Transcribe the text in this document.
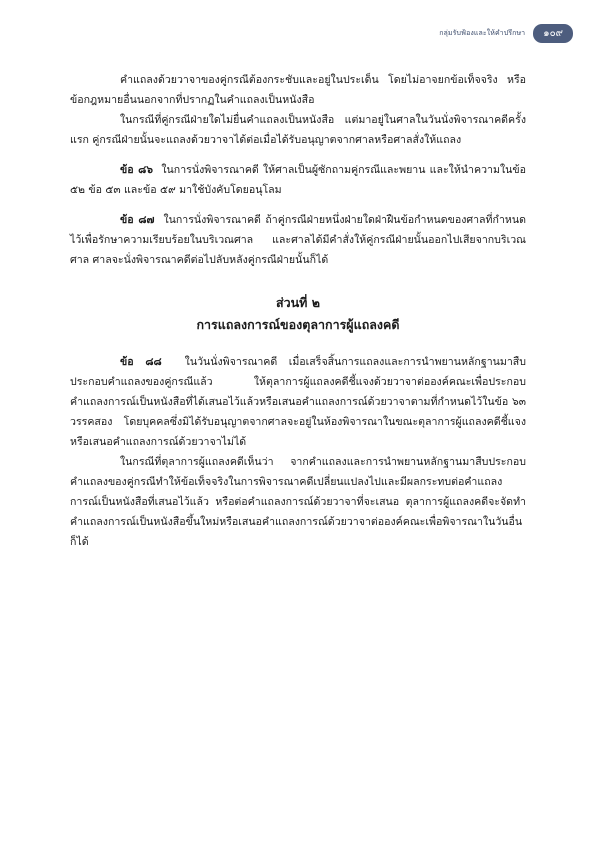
กลุ่มรับฟ้องและให้คำปรึกษา	๑๐๙

คำแถลงด้วยวาจาของคู่กรณีต้องกระชับและอยู่ในประเด็น โดยไม่อาจยกข้อเท็จจริง หรือข้อกฎหมายอื่นนอกจากที่ปรากฏในคำแถลงเป็นหนังสือ

ในกรณีที่คู่กรณีฝ่ายใดไม่ยื่นคำแถลงเป็นหนังสือ แต่มาอยู่ในศาลในวันนั่งพิจารณาคดีครั้งแรก คู่กรณีฝ่ายนั้นจะแถลงด้วยวาจาได้ต่อเมื่อได้รับอนุญาตจากศาลหรือศาลสั่งให้แถลง

ข้อ ๘๖ ในการนั่งพิจารณาคดี ให้ศาลเป็นผู้ซักถามคู่กรณีและพยาน และให้นำความในข้อ ๕๒ ข้อ ๕๓ และข้อ ๕๙ มาใช้บังคับโดยอนุโลม

ข้อ ๘๗ ในการนั่งพิจารณาคดี ถ้าคู่กรณีฝ่ายหนึ่งฝ่ายใดฝ่าฝืนข้อกำหนดของศาลที่กำหนดไว้เพื่อรักษาความเรียบร้อยในบริเวณศาล และศาลได้มีคำสั่งให้คู่กรณีฝ่ายนั้นออกไปเสียจากบริเวณศาล ศาลจะนั่งพิจารณาคดีต่อไปลับหลังคู่กรณีฝ่ายนั้นก็ได้

ส่วนที่ ๒

การแถลงการณ์ของตุลาการผู้แถลงคดี

ข้อ ๘๘ ในวันนั่งพิจารณาคดี เมื่อเสร็จสิ้นการแถลงและการนำพยานหลักฐานมาสืบประกอบคำแถลงของคู่กรณีแล้ว ให้ตุลาการผู้แถลงคดีชี้แจงด้วยวาจาต่อองค์คณะเพื่อประกอบคำแถลงการณ์เป็นหนังสือที่ได้เสนอไว้แล้วหรือเสนอคำแถลงการณ์ด้วยวาจาตามที่กำหนดไว้ในข้อ ๖๓ วรรคสอง โดยบุคคลซึ่งมิได้รับอนุญาตจากศาลจะอยู่ในห้องพิจารณาในขณะตุลาการผู้แถลงคดีชี้แจง หรือเสนอคำแถลงการณ์ด้วยวาจาไม่ได้

ในกรณีที่ตุลาการผู้แถลงคดีเห็นว่า จากคำแถลงและการนำพยานหลักฐานมาสืบประกอบคำแถลงของคู่กรณีทำให้ข้อเท็จจริงในการพิจารณาคดีเปลี่ยนแปลงไปและมีผลกระทบต่อคำแถลงการณ์เป็นหนังสือที่เสนอไว้แล้ว หรือต่อคำแถลงการณ์ด้วยวาจาที่จะเสนอ ตุลาการผู้แถลงคดีจะจัดทำคำแถลงการณ์เป็นหนังสือขึ้นใหม่หรือเสนอคำแถลงการณ์ด้วยวาจาต่อองค์คณะเพื่อพิจารณาในวันอื่นก็ได้
